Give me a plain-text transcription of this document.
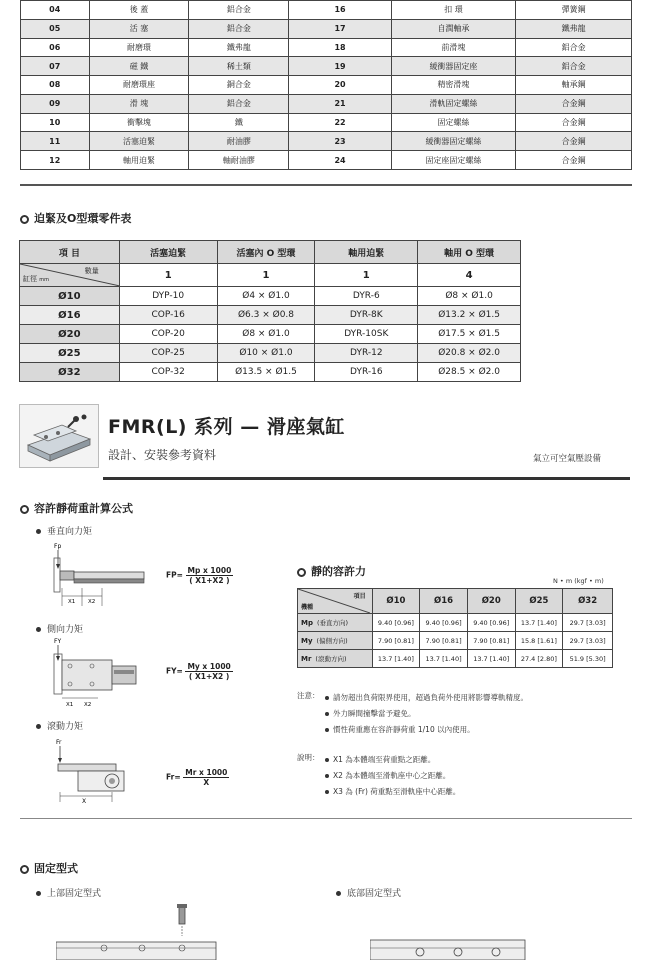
04	後 蓋	鋁合金	16	扣 環	彈簧鋼
05	活 塞	鋁合金	17	自潤軸承	鐵弗龍
06	耐磨環	鐵弗龍	18	前滑塊	鋁合金
07	磁 鐵	稀土類	19	緩衝器固定座	鋁合金
08	耐磨環座	銅合金	20	精密滑塊	軸承鋼
09	滑 塊	鋁合金	21	滑軌固定螺絲	合金鋼
10	衝擊塊	鐵	22	固定螺絲	合金鋼
11	活塞迫緊	耐油膠	23	緩衝器固定螺絲	合金鋼
12	軸用迫緊	軸耐油膠	24	固定座固定螺絲	合金鋼
迫緊及O型環零件表
項 目	活塞迫緊	活塞內 O 型環	軸用迫緊	軸用 O 型環

數量
缸徑 mm	1	1	1	4
Ø10	DYP-10	Ø4 × Ø1.0	DYR-6	Ø8 × Ø1.0
Ø16	COP-16	Ø6.3 × Ø0.8	DYR-8K	Ø13.2 × Ø1.5
Ø20	COP-20	Ø8 × Ø1.0	DYR-10SK	Ø17.5 × Ø1.5
Ø25	COP-25	Ø10 × Ø1.0	DYR-12	Ø20.8 × Ø2.0
Ø32	COP-32	Ø13.5 × Ø1.5	DYR-16	Ø28.5 × Ø2.0
FMR(L) 系列 — 滑座氣缸
設計、安裝參考資料	氣立可空氣壓設備
容許靜荷重計算公式
垂直向力矩
Fp
X1 X2
$FP= \frac{\text{Mp x 1000}}{( X1+X2 )}$
側向力矩
FY
X1 X2
$FY= \frac{\text{My x 1000}}{( X1+X2 )}$
滾動力矩
Fr
X
$Fr= \frac{\text{Mr x 1000}}{X}$
靜的容許力
N • m (kgf • m)
項目
機種	Ø10	Ø16	Ø20	Ø25	Ø32
Mp (垂直方向)	9.40 [0.96]	9.40 [0.96]	9.40 [0.96]	13.7 [1.40]	29.7 [3.03]
My (偏側方向)	7.90 [0.81]	7.90 [0.81]	7.90 [0.81]	15.8 [1.61]	29.7 [3.03]
Mr (滾動方向)	13.7 [1.40]	13.7 [1.40]	13.7 [1.40]	27.4 [2.80]	51.9 [5.30]
注意：	請勿超出負荷限界使用，超過負荷外使用將影響導軌精度。
外力瞬間撞擊當予避免。
慣性荷重應在容許靜荷重 1/10 以內使用。
說明：	X1 為本體端至荷重點之距離。
X2 為本體端至滑軌座中心之距離。
X3 為 (Fr) 荷重點至滑軌座中心距離。
固定型式
上部固定型式	底部固定型式
